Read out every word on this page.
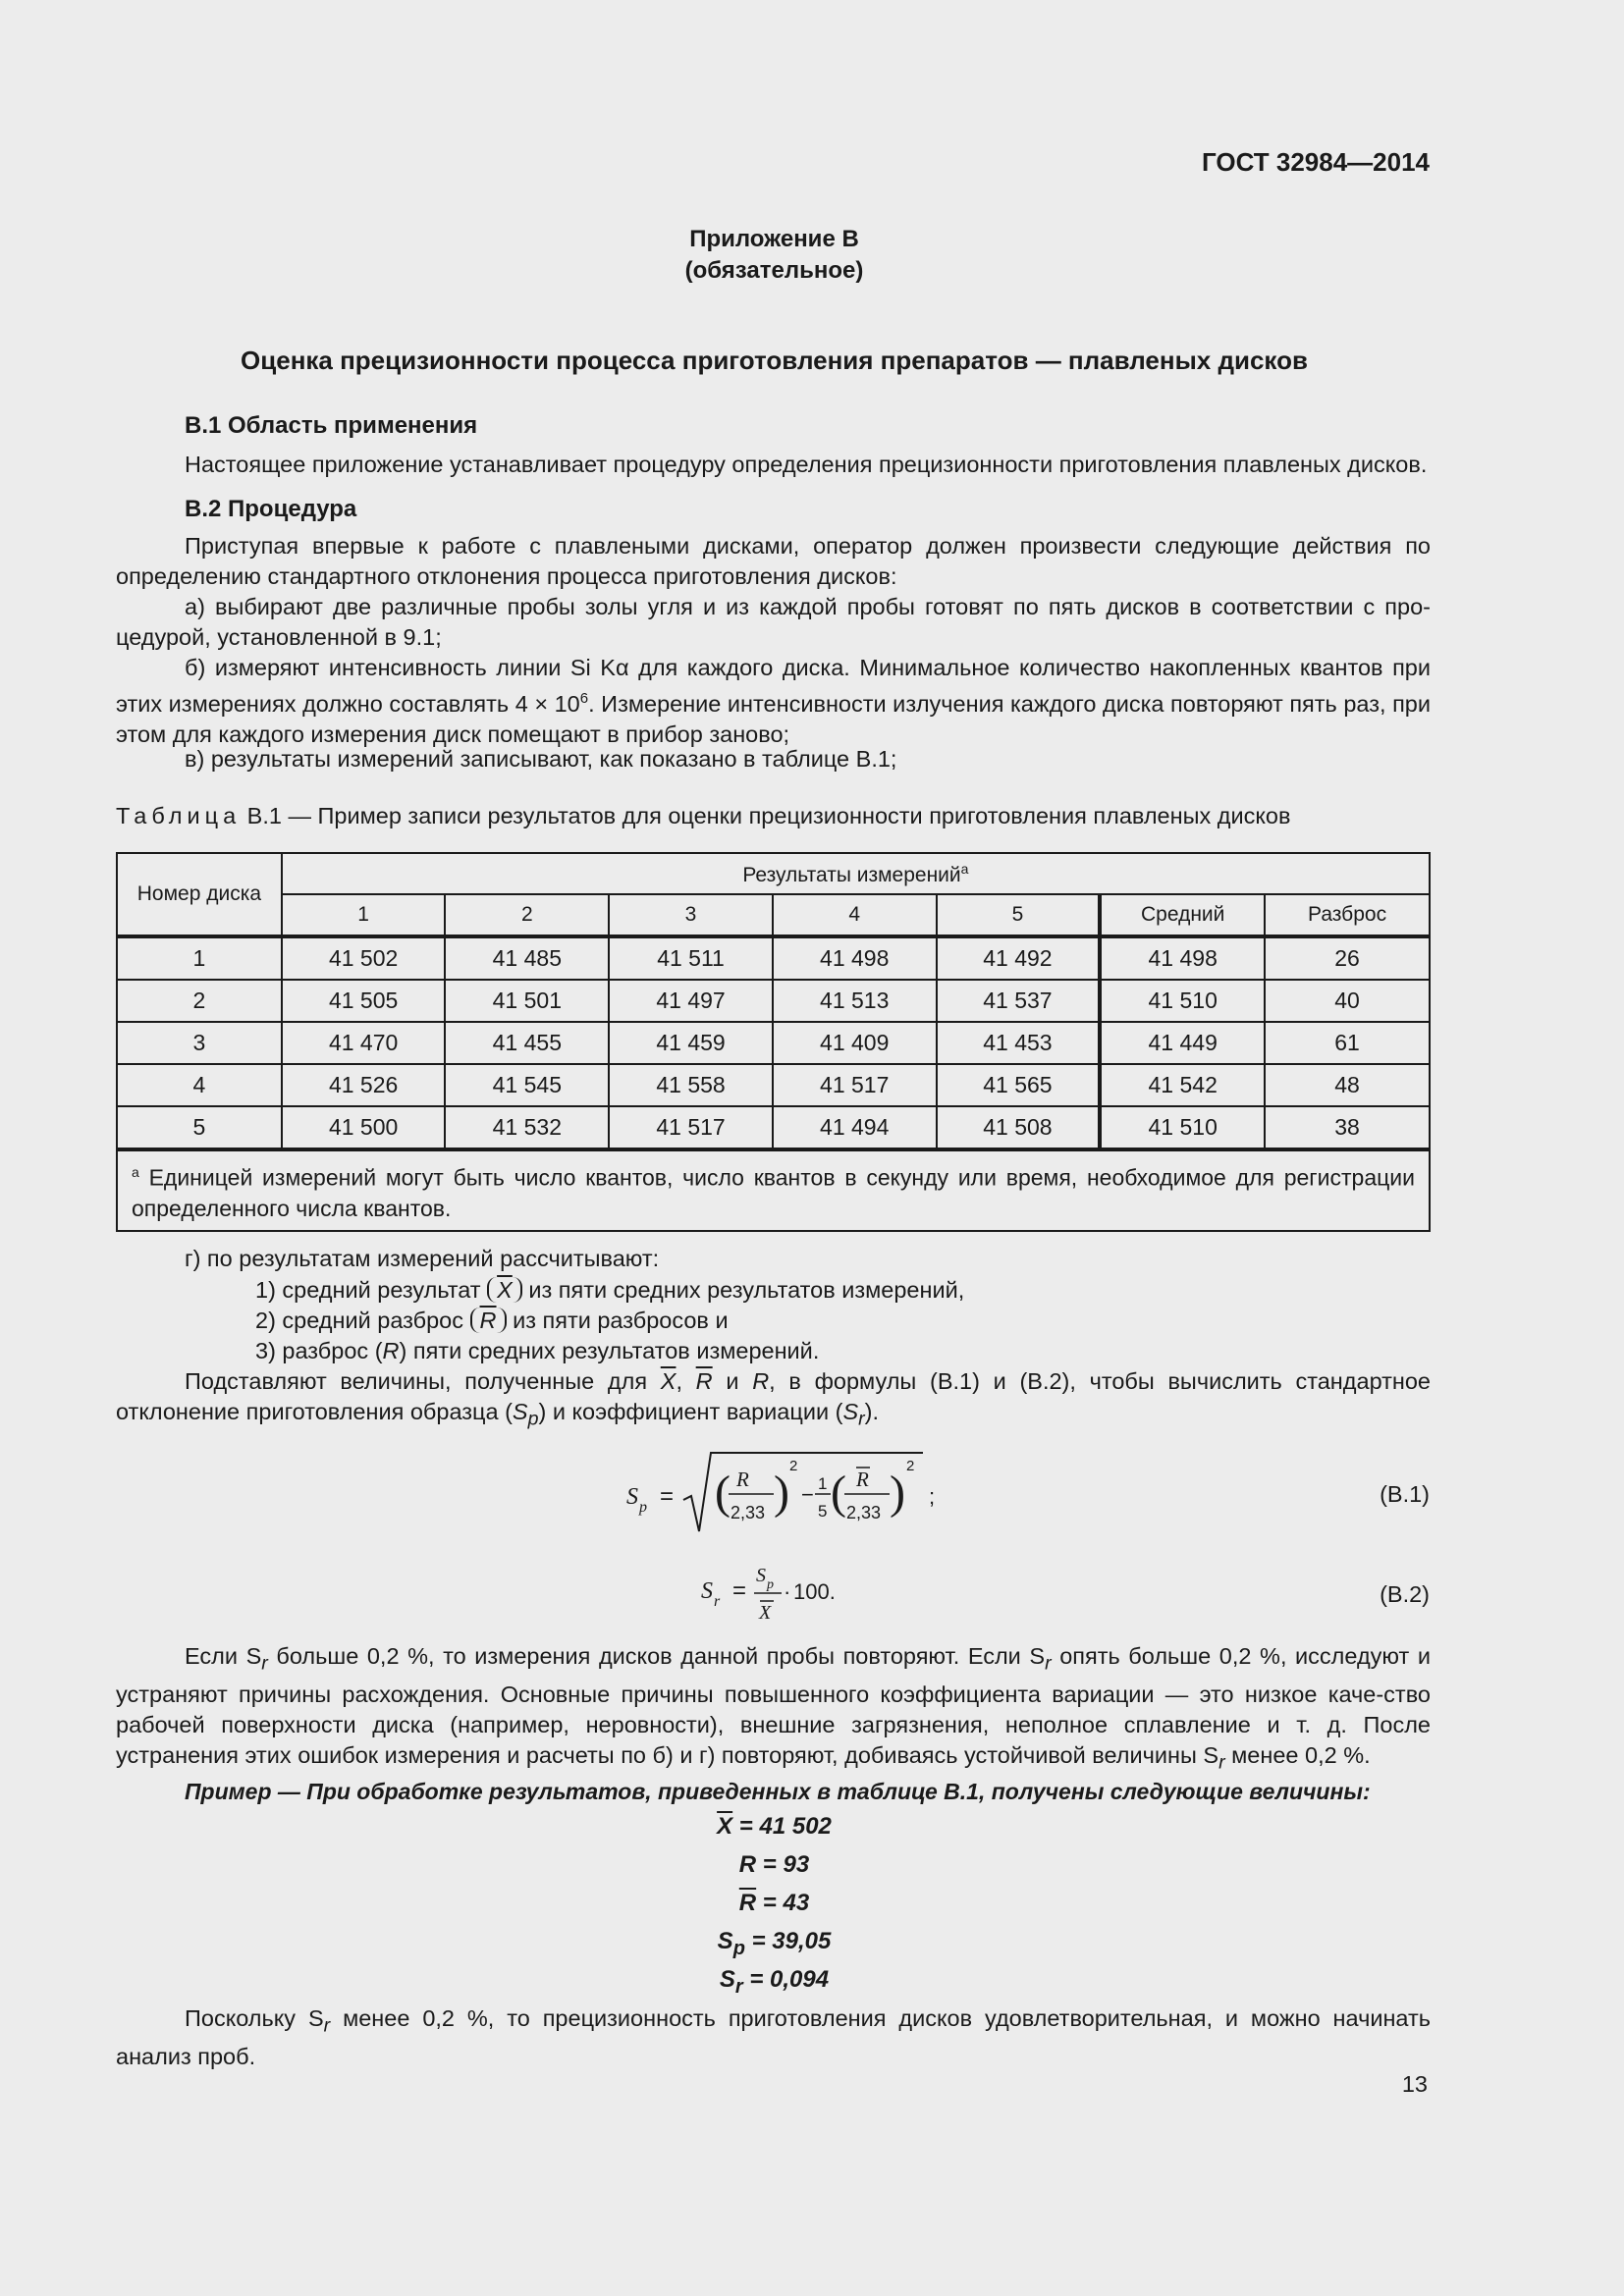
ГОСТ 32984—2014
Приложение В
(обязательное)
Оценка прецизионности процесса приготовления препаратов — плавленых дисков
В.1 Область применения
Настоящее приложение устанавливает процедуру определения прецизионности приготовления плавленых дисков.
В.2 Процедура
Приступая впервые к работе с плавлеными дисками, оператор должен произвести следующие действия по определению стандартного отклонения процесса приготовления дисков:
а) выбирают две различные пробы золы угля и из каждой пробы готовят по пять дисков в соответствии с про-цедурой, установленной в 9.1;
б) измеряют интенсивность линии Si Kα для каждого диска. Минимальное количество накопленных квантов при этих измерениях должно составлять $4 \times 10^6$. Измерение интенсивности излучения каждого диска повторяют пять раз, при этом для каждого измерения диск помещают в прибор заново;
в) результаты измерений записывают, как показано в таблице В.1;
Таблица В.1 — Пример записи результатов для оценки прецизионности приготовления плавленых дисков
Номер диска	Результаты измерений$^a$
	1	2	3	4	5	Средний	Разброс
1	41 502	41 485	41 511	41 498	41 492	41 498	26
2	41 505	41 501	41 497	41 513	41 537	41 510	40
3	41 470	41 455	41 459	41 409	41 453	41 449	61
4	41 526	41 545	41 558	41 517	41 565	41 542	48
5	41 500	41 532	41 517	41 494	41 508	41 510	38
$^a$ Единицей измерений могут быть число квантов, число квантов в секунду или время, необходимое для регистрации определенного числа квантов.							
г) по результатам измерений рассчитывают:
1) средний результат $\overline{X}$ из пяти средних результатов измерений,
2) средний разброс $\overline{R}$ из пяти разбросов и
3) разброс (R) пяти средних результатов измерений.
Подставляют величины, полученные для $\overline{X}$, $\overline{R}$ и R, в формулы (В.1) и (В.2), чтобы вычислить стандартное отклонение приготовления образца $(S_p)$ и коэффициент вариации $(S_r)$.
S p = ( R
2,33 )
2
− 1
5 ( R
2,33 )
2
;	(В.1)
S r =
S p
X
· 100.	(В.2)
Если $S_r$ больше 0,2 %, то измерения дисков данной пробы повторяют. Если $S_r$ опять больше 0,2 %, исследуют и устраняют причины расхождения. Основные причины повышенного коэффициента вариации — это низкое каче-ство рабочей поверхности диска (например, неровности), внешние загрязнения, неполное сплавление и т. д. После устранения этих ошибок измерения и расчеты по б) и г) повторяют, добиваясь устойчивой величины $S_r$ менее 0,2 %.
Пример — При обработке результатов, приведенных в таблице В.1, получены следующие величины:
$\overline{X} = 41$ 502
R = 93
$\overline{R} = 43$
$S_p = 39,05$
$S_r = 0,094$
Поскольку $S_r$ менее 0,2 %, то прецизионность приготовления дисков удовлетворительная, и можно начинать анализ проб.
13
